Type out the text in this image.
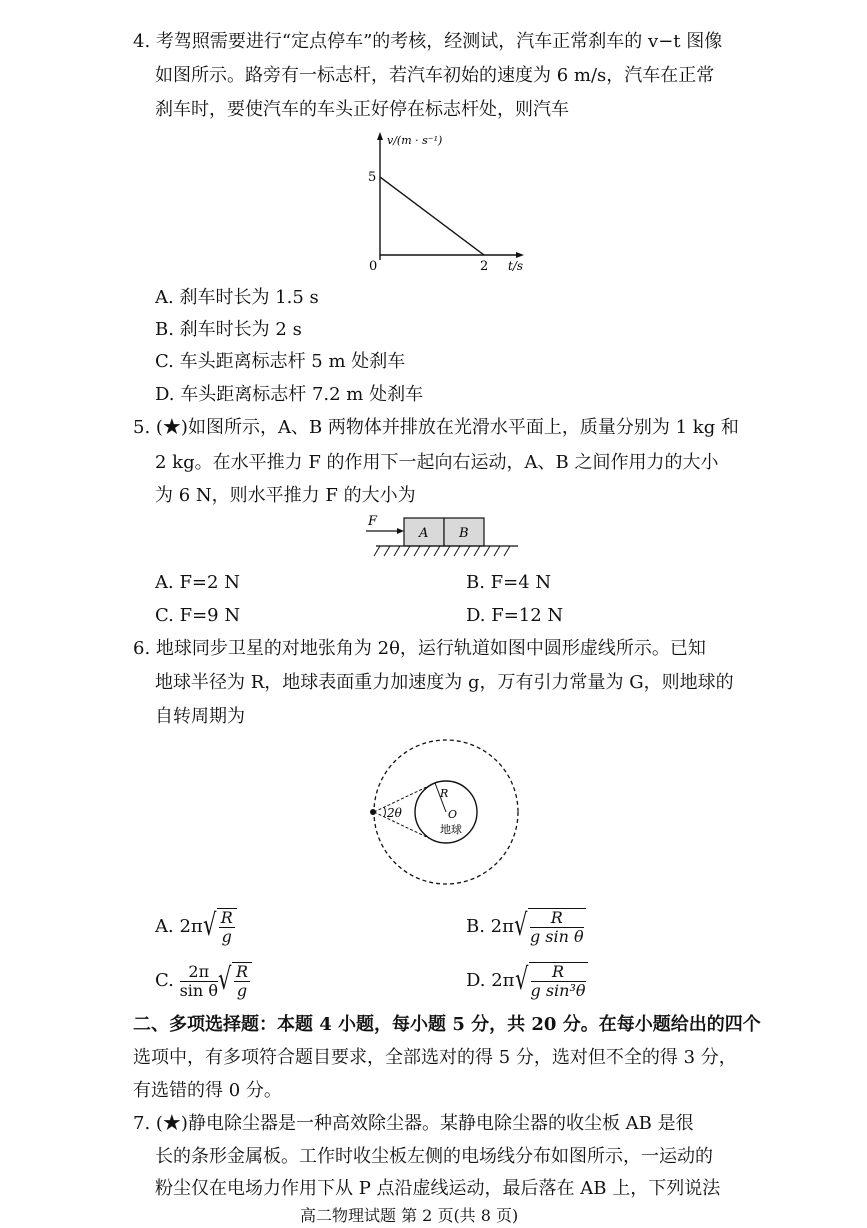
4. 考驾照需要进行“定点停车”的考核，经测试，汽车正常刹车的 v−t 图像
如图所示。路旁有一标志杆，若汽车初始的速度为 6 m/s，汽车在正常
刹车时，要使汽车的车头正好停在标志杆处，则汽车
v/(m · s⁻¹)
t/s
0
5
2
A. 刹车时长为 1.5 s
B. 刹车时长为 2 s
C. 车头距离标志杆 5 m 处刹车
D. 车头距离标志杆 7.2 m 处刹车
5. (★)如图所示，A、B 两物体并排放在光滑水平面上，质量分别为 1 kg 和
2 kg。在水平推力 F 的作用下一起向右运动，A、B 之间作用力的大小
为 6 N，则水平推力 F 的大小为
F
A B
A. F=2 N	B. F=4 N
C. F=9 N	D. F=12 N
6. 地球同步卫星的对地张角为 2θ，运行轨道如图中圆形虚线所示。已知
地球半径为 R，地球表面重力加速度为 g，万有引力常量为 G，则地球的
自转周期为
2θ
R
O
地球
A. 2π √ $\frac{R}{g}$	B. 2π √ $\frac{R}{\text{g sin θ}}$
C. $\frac{2\pi}{\text{sin θ}}$ √ $\frac{R}{g}$	D. 2π √ $\frac{R}{\text{g sin³θ}}$
二、多项选择题：本题 4 小题，每小题 5 分，共 20 分。在每小题给出的四个
选项中，有多项符合题目要求，全部选对的得 5 分，选对但不全的得 3 分，
有选错的得 0 分。
7. (★)静电除尘器是一种高效除尘器。某静电除尘器的收尘板 AB 是很
长的条形金属板。工作时收尘板左侧的电场线分布如图所示，一运动的
粉尘仅在电场力作用下从 P 点沿虚线运动，最后落在 AB 上，下列说法
高二物理试题 第 2 页(共 8 页)
